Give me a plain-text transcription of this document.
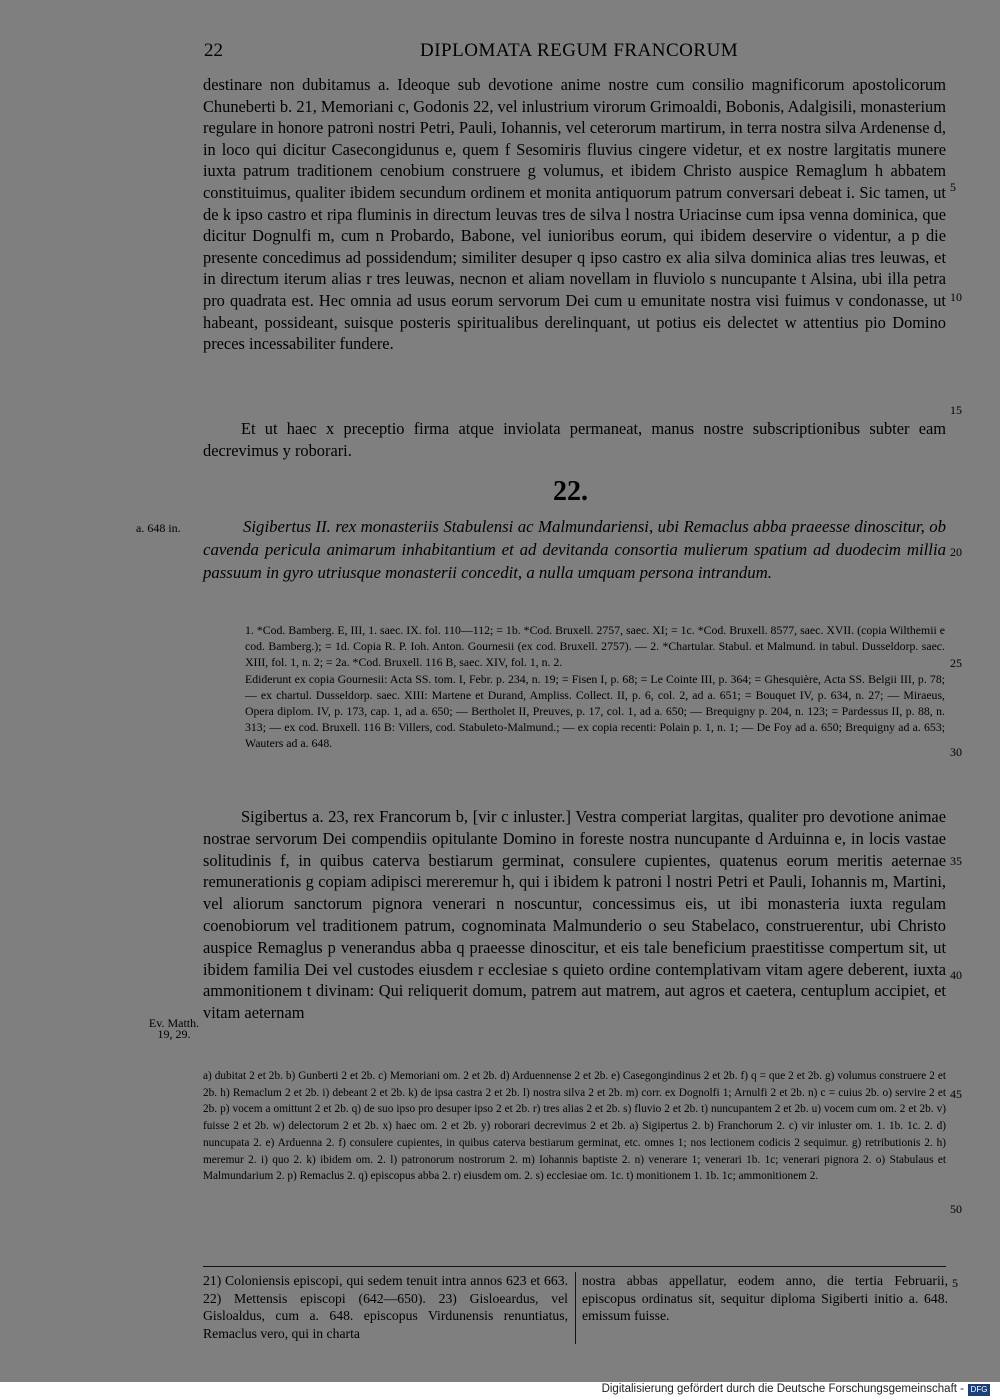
22	DIPLOMATA REGUM FRANCORUM
destinare non dubitamus a. Ideoque sub devotione anime nostre cum consilio magnificorum apostolicorum Chuneberti b. 21, Memoriani c, Godonis 22, vel inlustrium virorum Grimoaldi, Bobonis, Adalgisili, monasterium regulare in honore patroni nostri Petri, Pauli, Iohannis, vel ceterorum martirum, in terra nostra silva Ardenense d, in loco qui dicitur Casecongidunus e, quem f Sesomiris fluvius cingere videtur, et ex nostre largitatis munere iuxta patrum traditionem cenobium construere g volumus, et ibidem Christo auspice Remaglum h abbatem constituimus, qualiter ibidem secundum ordinem et monita antiquorum patrum conversari debeat i. Sic tamen, ut de k ipso castro et ripa fluminis in directum leuvas tres de silva l nostra Uriacinse cum ipsa venna dominica, que dicitur Dognulfi m, cum n Probardo, Babone, vel iunioribus eorum, qui ibidem deservire o videntur, a p die presente concedimus ad possidendum; similiter desuper q ipso castro ex alia silva dominica alias tres leuwas, et in directum iterum alias r tres leuwas, necnon et aliam novellam in fluviolo s nuncupante t Alsina, ubi illa petra pro quadrata est. Hec omnia ad usus eorum servorum Dei cum u emunitate nostra visi fuimus v condonasse, ut habeant, possideant, suisque posteris spiritualibus derelinquant, ut potius eis delectet w attentius pio Domino preces incessabiliter fundere.
Et ut haec x preceptio firma atque inviolata permaneat, manus nostre subscriptionibus subter eam decrevimus y roborari.
5
10
15
22.
a. 648 in.	Sigibertus II. rex monasteriis Stabulensi ac Malmundariensi, ubi Remaclus abba praeesse dinoscitur, ob cavenda pericula animarum inhabitantium et ad devitanda consortia mulierum spatium ad duodecim millia passuum in gyro utriusque monasterii concedit, a nulla umquam persona intrandum.
20
1. *Cod. Bamberg. E, III, 1. saec. IX. fol. 110—112; = 1b. *Cod. Bruxell. 2757, saec. XI; = 1c. *Cod. Bruxell. 8577, saec. XVII. (copia Wilthemii e cod. Bamberg.); = 1d. Copia R. P. Ioh. Anton. Gournesii (ex cod. Bruxell. 2757). — 2. *Chartular. Stabul. et Malmund. in tabul. Dusseldorp. saec. XIII, fol. 1, n. 2; = 2a. *Cod. Bruxell. 116 B, saec. XIV, fol. 1, n. 2.
Ediderunt ex copia Gournesii: Acta SS. tom. I, Febr. p. 234, n. 19; = Fisen I, p. 68; = Le Cointe III, p. 364; = Ghesquière, Acta SS. Belgii III, p. 78; — ex chartul. Dusseldorp. saec. XIII: Martene et Durand, Ampliss. Collect. II, p. 6, col. 2, ad a. 651; = Bouquet IV, p. 634, n. 27; — Miraeus, Opera diplom. IV, p. 173, cap. 1, ad a. 650; — Bertholet II, Preuves, p. 17, col. 1, ad a. 650; — Brequigny p. 204, n. 123; = Pardessus II, p. 88, n. 313; — ex cod. Bruxell. 116 B: Villers, cod. Stabuleto-Malmund.; — ex copia recenti: Polain p. 1, n. 1; — De Foy ad a. 650; Brequigny ad a. 653; Wauters ad a. 648.
25
30
Sigibertus a. 23, rex Francorum b, [vir c inluster.] Vestra comperiat largitas, qualiter pro devotione animae nostrae servorum Dei compendiis opitulante Domino in foreste nostra nuncupante d Arduinna e, in locis vastae solitudinis f, in quibus caterva bestiarum germinat, consulere cupientes, quatenus eorum meritis aeternae remunerationis g copiam adipisci mereremur h, qui i ibidem k patroni l nostri Petri et Pauli, Iohannis m, Martini, vel aliorum sanctorum pignora venerari n noscuntur, concessimus eis, ut ibi monasteria iuxta regulam coenobiorum vel traditionem patrum, cognominata Malmunderio o seu Stabelaco, construerentur, ubi Christo auspice Remaglus p venerandus abba q praeesse dinoscitur, et eis tale beneficium praestitisse compertum sit, ut ibidem familia Dei vel custodes eiusdem r ecclesiae s quieto ordine contemplativam vitam agere deberent, iuxta ammonitionem t divinam: Qui reliquerit domum, patrem aut matrem, aut agros et caetera, centuplum accipiet, et vitam aeternam
35
40
Ev. Matth. 19, 29.
a) dubitat 2 et 2b. b) Gunberti 2 et 2b. c) Memoriani om. 2 et 2b. d) Arduennense 2 et 2b. e) Casegongindinus 2 et 2b. f) q = que 2 et 2b. g) volumus construere 2 et 2b. h) Remaclum 2 et 2b. i) debeant 2 et 2b. k) de ipsa castra 2 et 2b. l) nostra silva 2 et 2b. m) corr. ex Dognolfi 1; Arnulfi 2 et 2b. n) c = cuius 2b. o) servire 2 et 2b. p) vocem a omittunt 2 et 2b. q) de suo ipso pro desuper ipso 2 et 2b. r) tres alias 2 et 2b. s) fluvio 2 et 2b. t) nuncupantem 2 et 2b. u) vocem cum om. 2 et 2b. v) fuisse 2 et 2b. w) delectorum 2 et 2b. x) haec om. 2 et 2b. y) roborari decrevimus 2 et 2b. a) Sigipertus 2. b) Franchorum 2. c) vir inluster om. 1. 1b. 1c. 2. d) nuncupata 2. e) Arduenna 2. f) consulere cupientes, in quibus caterva bestiarum germinat, etc. omnes 1; nos lectionem codicis 2 sequimur. g) retributionis 2. h) meremur 2. i) quo 2. k) ibidem om. 2. l) patronorum nostrorum 2. m) Iohannis baptiste 2. n) venerare 1; venerari 1b. 1c; venerari pignora 2. o) Stabulaus et Malmundarium 2. p) Remaclus 2. q) episcopus abba 2. r) eiusdem om. 2. s) ecclesiae om. 1c. t) monitionem 1. 1b. 1c; ammonitionem 2.
45
50
21) Coloniensis episcopi, qui sedem tenuit intra annos 623 et 663. 22) Mettensis episcopi (642—650). 23) Gisloeardus, vel Gisloaldus, cum a. 648. episcopus Virdunensis renuntiatus, Remaclus vero, qui in charta
nostra abbas appellatur, eodem anno, die tertia Februarii, episcopus ordinatus sit, sequitur diploma Sigiberti initio a. 648. emissum fuisse.
5
Digitalisierung gefördert durch die Deutsche Forschungsgemeinschaft - DFG
